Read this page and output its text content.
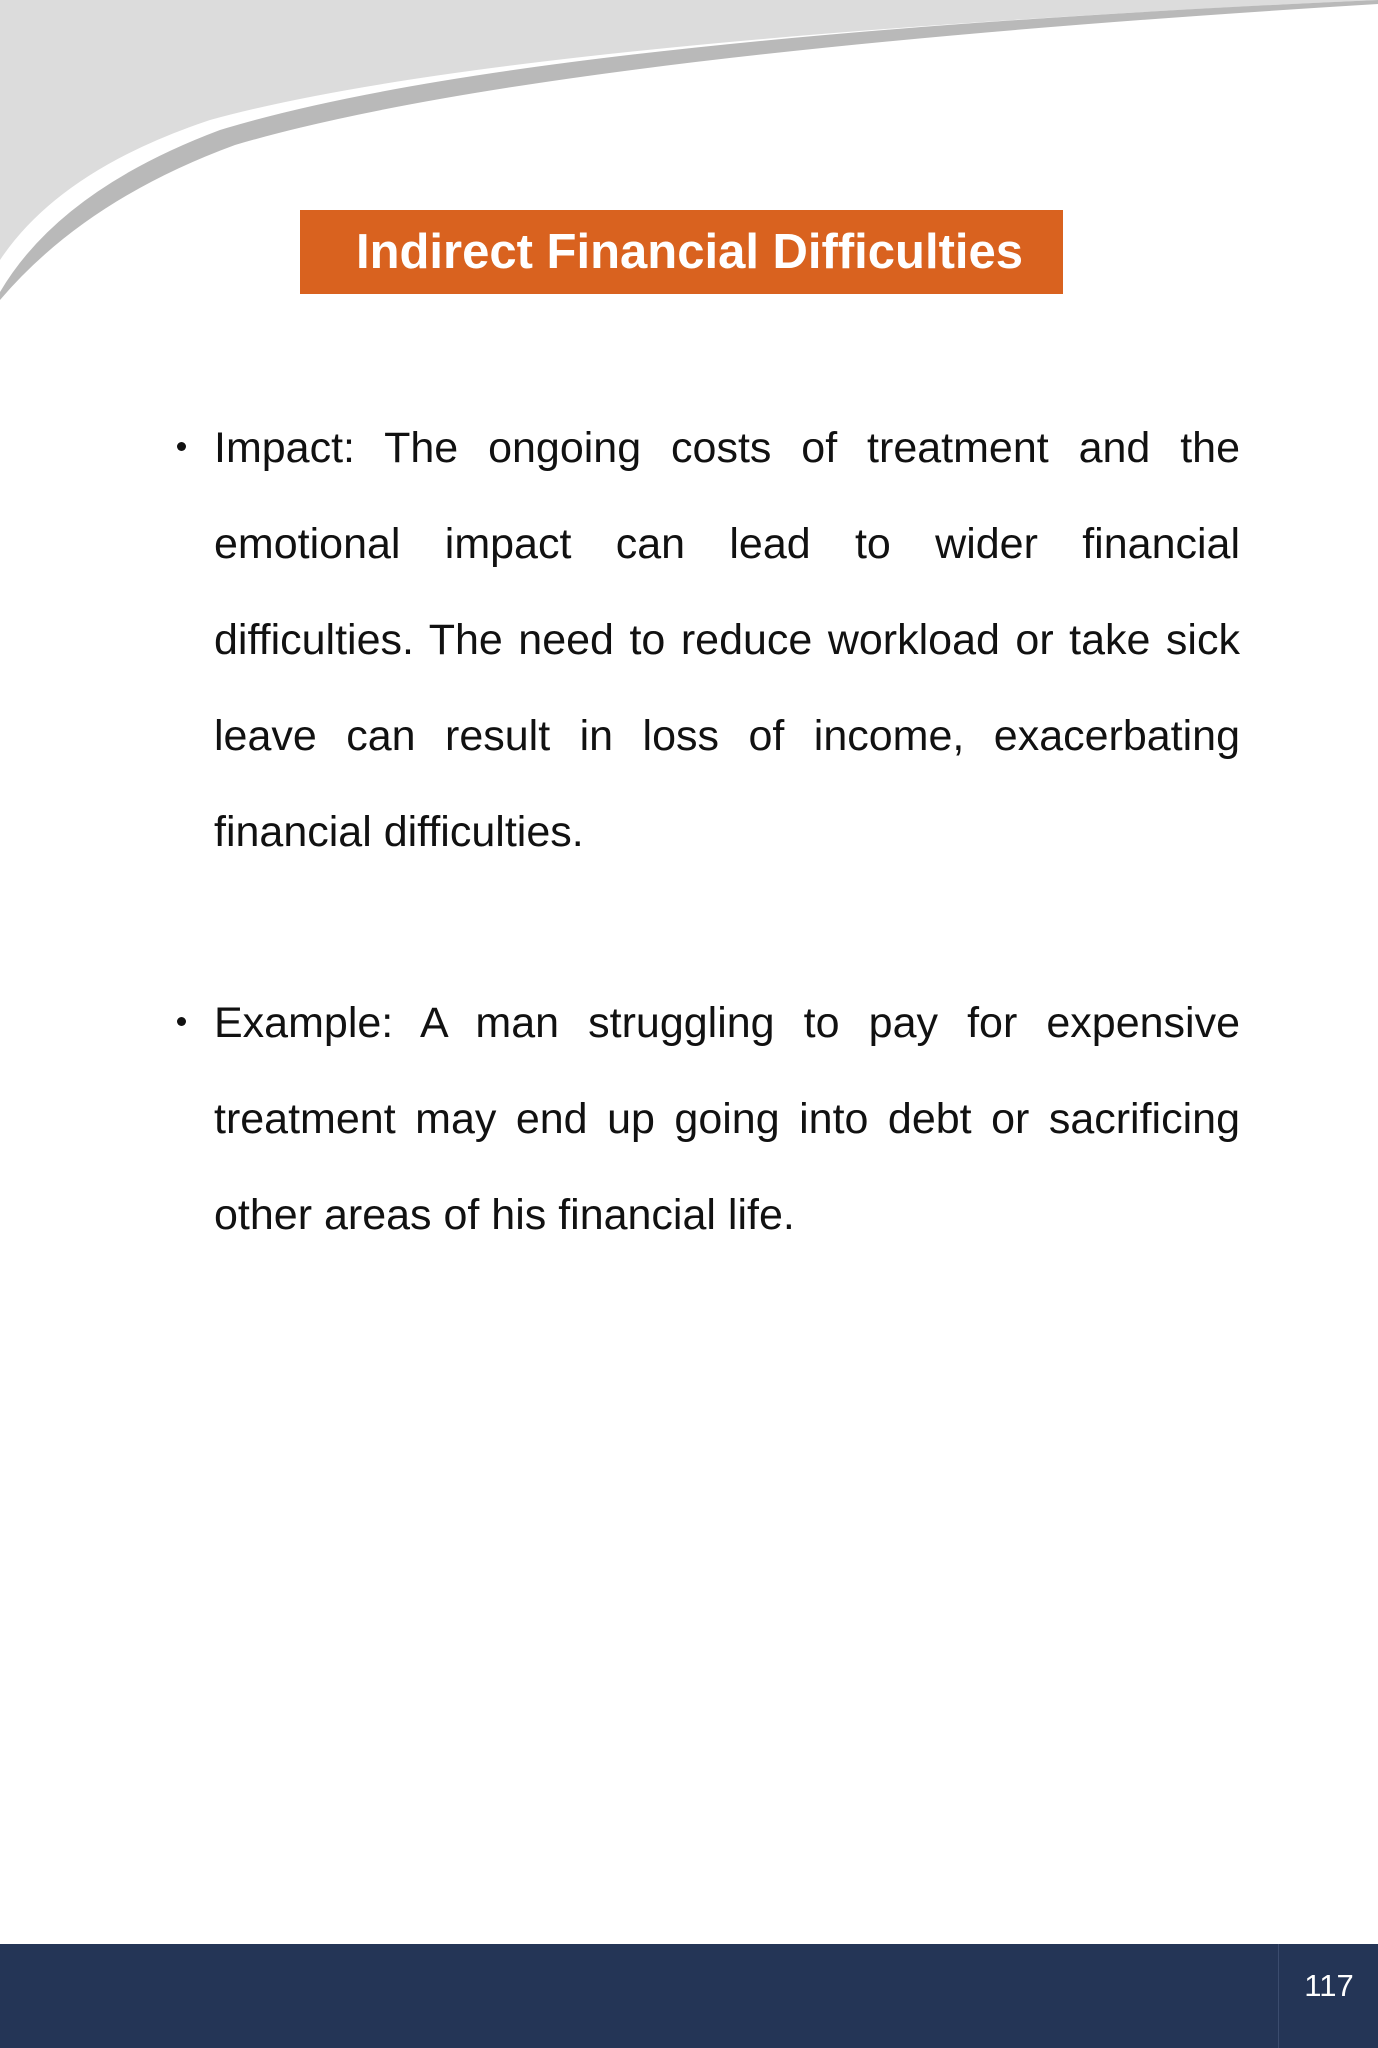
Indirect Financial Difficulties
Impact: The ongoing costs of treatment and the emotional impact can lead to wider financial difficulties. The need to reduce workload or take sick leave can result in loss of income, exacerbating financial difficulties.
Example: A man struggling to pay for expensive treatment may end up going into debt or sacrificing other areas of his financial life.
117
